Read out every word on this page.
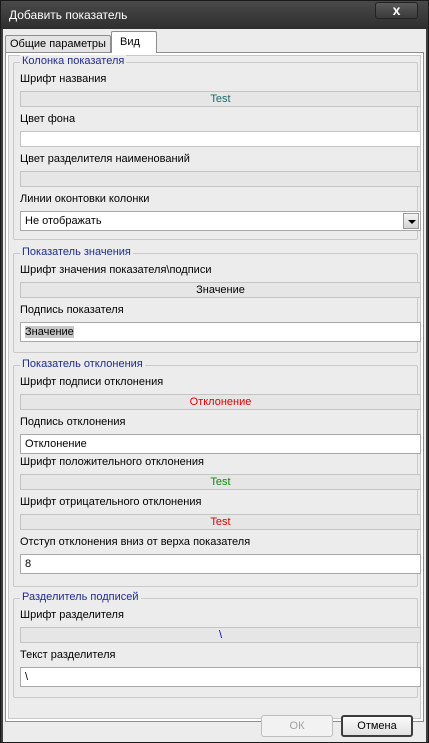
Добавить показатель	x
Общие параметры	Вид
Колонка показателя
Шрифт названия
Test
Цвет фона
Цвет разделителя наименований
Линии оконтовки колонки
Не отображать
Показатель значения
Шрифт значения показателя\подписи
Значение
Подпись показателя
Значение
Показатель отклонения
Шрифт подписи отклонения
Отклонение
Подпись отклонения
Отклонение
Шрифт положительного отклонения
Test
Шрифт отрицательного отклонения
Test
Отступ отклонения вниз от верха показателя
8
Разделитель подписей
Шрифт разделителя
\
Текст разделителя
\
ОК	Отмена
